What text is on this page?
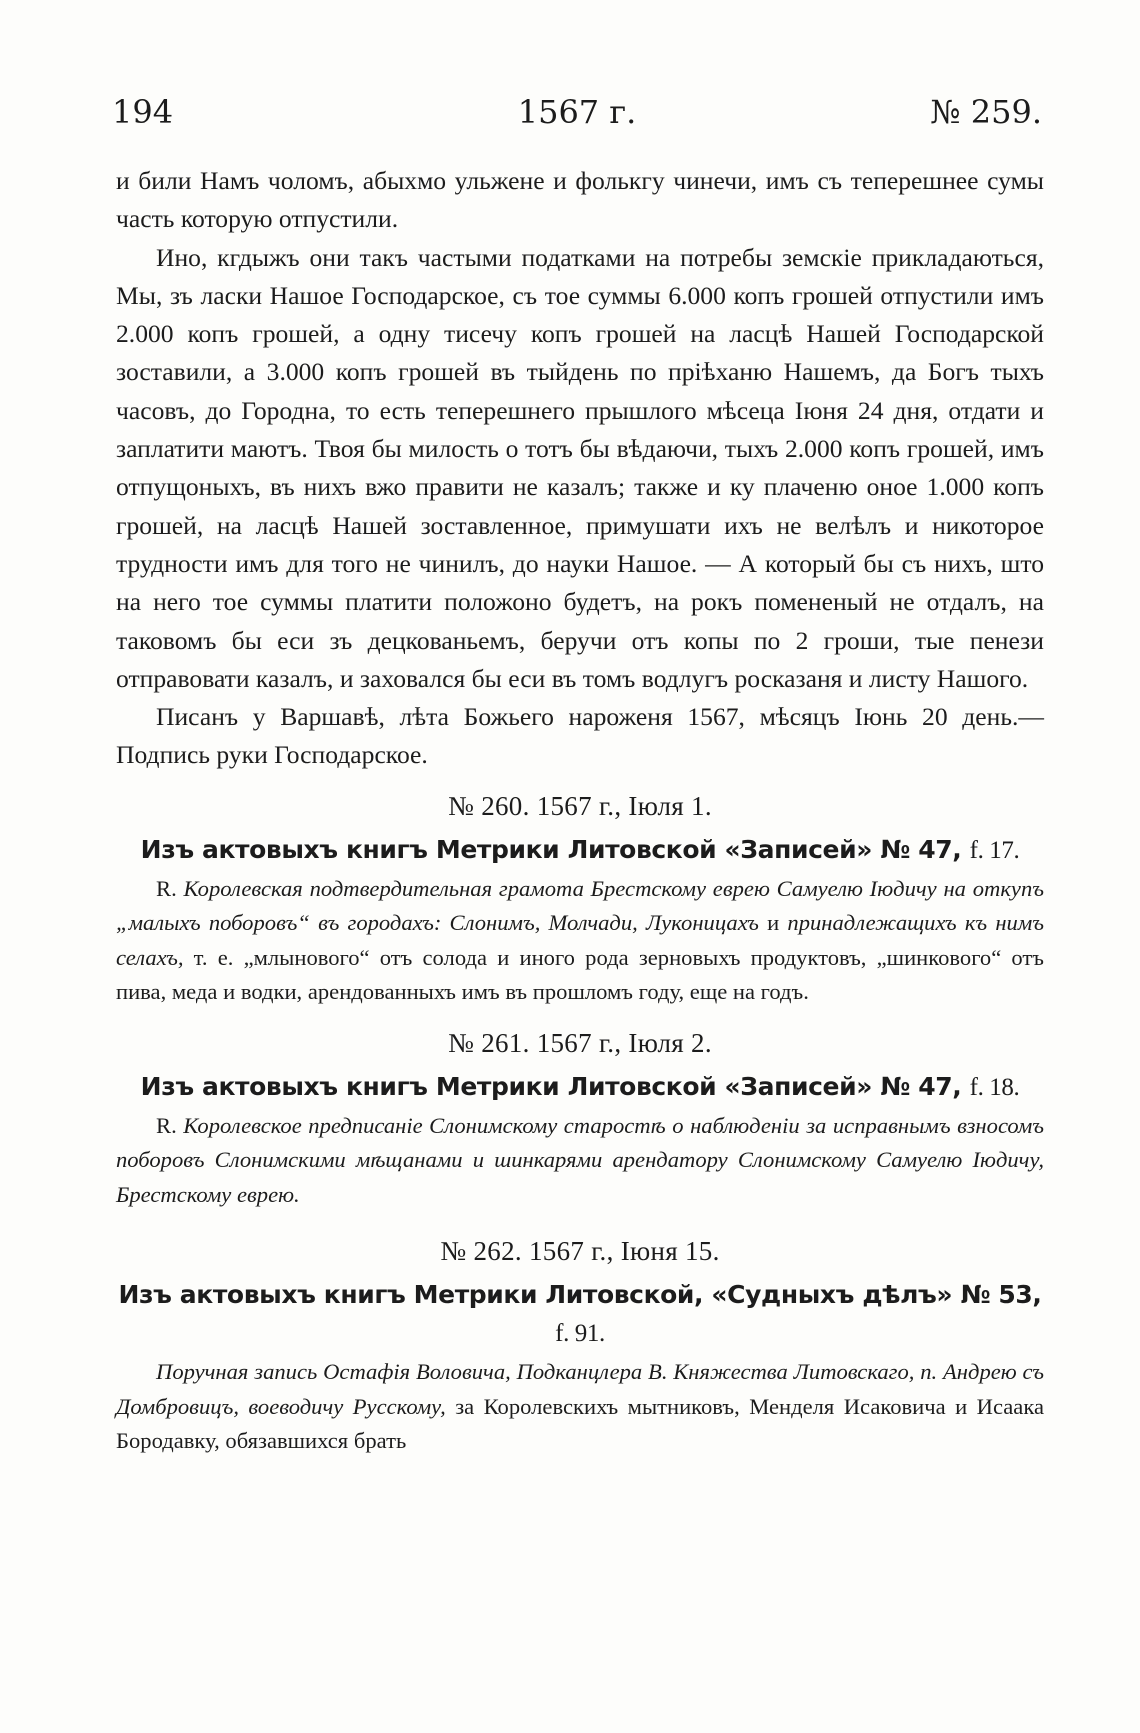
194	1567 г.	№ 259.

и били Намъ чоломъ, абыхмо ульжене и фолькгу чинечи, имъ съ теперешнее сумы часть которую отпустили.

Ино, кгдыжъ они такъ частыми податками на потребы земскіе прикладаються, Мы, зъ ласки Нашое Господарское, съ тое суммы 6.000 копъ грошей отпустили имъ 2.000 копъ грошей, а одну тисечу копъ грошей на ласцѣ Нашей Господарской зоставили, а 3.000 копъ грошей въ тыйдень по пріѣханю Нашемъ, да Богъ тыхъ часовъ, до Городна, то есть теперешнего прышлого мѣсеца Іюня 24 дня, отдати и заплатити маютъ. Твоя бы милость о тотъ бы вѣдаючи, тыхъ 2.000 копъ грошей, имъ отпущоныхъ, въ нихъ вжо правити не казалъ; также и ку плаченю оное 1.000 копъ грошей, на ласцѣ Нашей зоставленное, примушати ихъ не велѣлъ и никоторое трудности имъ для того не чинилъ, до науки Нашое. — А который бы съ нихъ, што на него тое суммы платити положоно будетъ, на рокъ помененый не отдалъ, на таковомъ бы еси зъ децкованьемъ, беручи отъ копы по 2 гроши, тые пенези отправовати казалъ, и заховался бы еси въ томъ водлугъ росказаня и листу Нашого.

Писанъ у Варшавѣ, лѣта Божьего нароженя 1567, мѣсяцъ Іюнь 20 день.—Подпись руки Господарское.

№ 260. 1567 г., Іюля 1.

Изъ актовыхъ книгъ Метрики Литовской «Записей» № 47, f. 17.

R. Королевская подтвердительная грамота Брестскому еврею Самуелю Іюдичу на откупъ „малыхъ поборовъ“ въ городахъ: Слонимъ, Молчади, Луконицахъ и принадлежащихъ къ нимъ селахъ, т. е. „млынового“ отъ солода и иного рода зерновыхъ продуктовъ, „шинкового“ отъ пива, меда и водки, арендованныхъ имъ въ прошломъ году, еще на годъ.

№ 261. 1567 г., Іюля 2.

Изъ актовыхъ книгъ Метрики Литовской «Записей» № 47, f. 18.

R. Королевское предписаніе Слонимскому старостѣ о наблюденіи за исправнымъ взносомъ поборовъ Слонимскими мѣщанами и шинкарями арендатору Слонимскому Самуелю Іюдичу, Брестскому еврею.

№ 262. 1567 г., Іюня 15.

Изъ актовыхъ книгъ Метрики Литовской, «Судныхъ дѣлъ» № 53, f. 91.

Поручная запись Остафія Воловича, Подканцлера В. Княжества Литовскаго, п. Андрею съ Домбровицъ, воеводичу Русскому, за Королевскихъ мытниковъ, Менделя Исаковича и Исаака Бородавку, обязавшихся брать
